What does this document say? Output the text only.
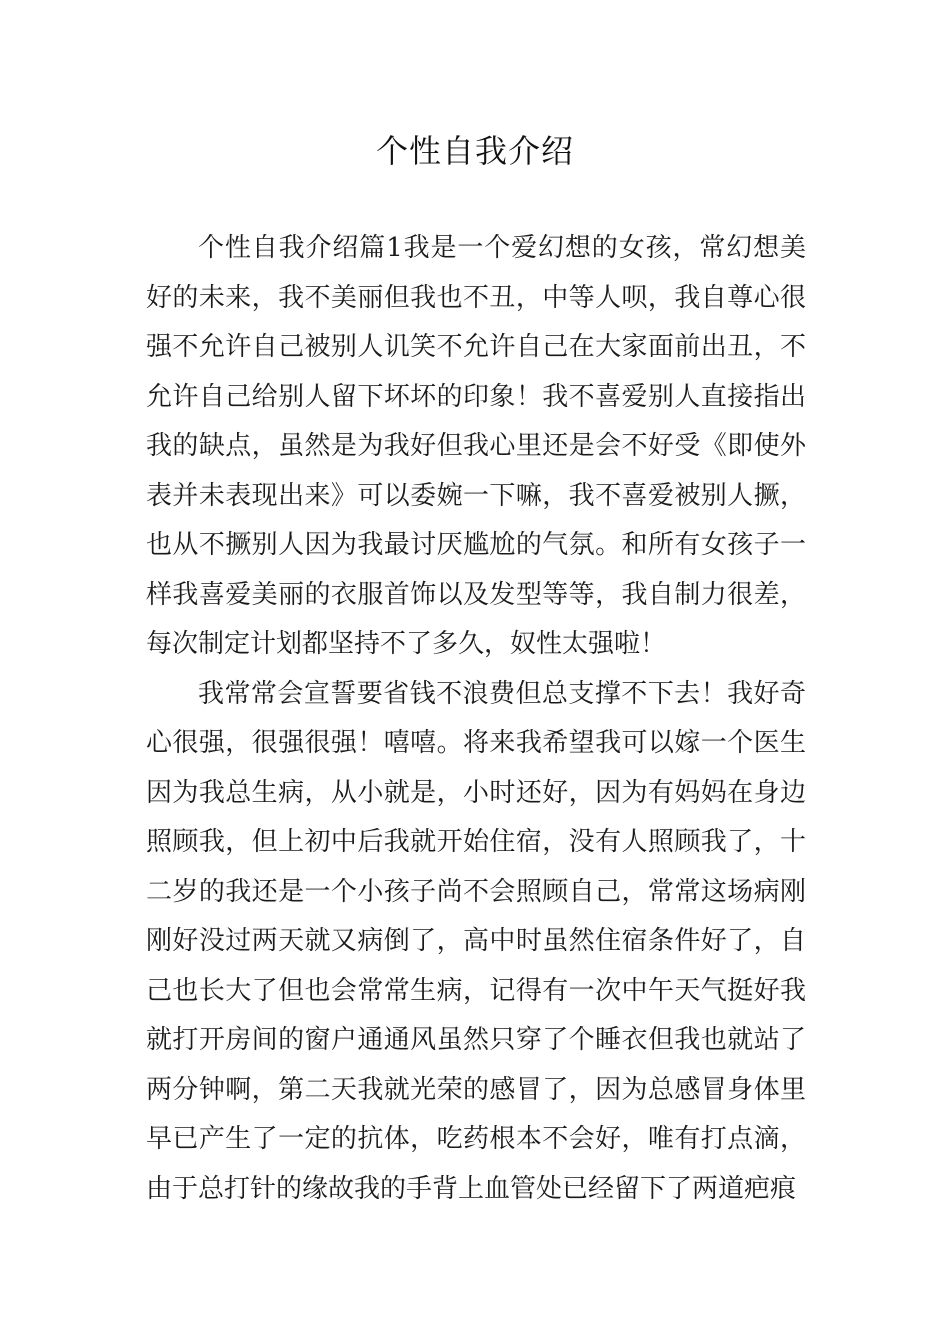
个性自我介绍

个性自我介绍篇1我是一个爱幻想的女孩，常幻想美好的未来，我不美丽但我也不丑，中等人呗，我自尊心很强不允许自己被别人讥笑不允许自己在大家面前出丑，不允许自己给别人留下坏坏的印象！我不喜爱别人直接指出我的缺点，虽然是为我好但我心里还是会不好受《即使外表并未表现出来》可以委婉一下嘛，我不喜爱被别人撅，也从不撅别人因为我最讨厌尴尬的气氛。和所有女孩子一样我喜爱美丽的衣服首饰以及发型等等，我自制力很差，每次制定计划都坚持不了多久，奴性太强啦！

我常常会宣誓要省钱不浪费但总支撑不下去！我好奇心很强，很强很强！嘻嘻。将来我希望我可以嫁一个医生因为我总生病，从小就是，小时还好，因为有妈妈在身边照顾我，但上初中后我就开始住宿，没有人照顾我了，十二岁的我还是一个小孩子尚不会照顾自己，常常这场病刚刚好没过两天就又病倒了，高中时虽然住宿条件好了，自己也长大了但也会常常生病，记得有一次中午天气挺好我就打开房间的窗户通通风虽然只穿了个睡衣但我也就站了两分钟啊，第二天我就光荣的感冒了，因为总感冒身体里早已产生了一定的抗体，吃药根本不会好，唯有打点滴，由于总打针的缘故我的手背上血管处已经留下了两道疤痕
